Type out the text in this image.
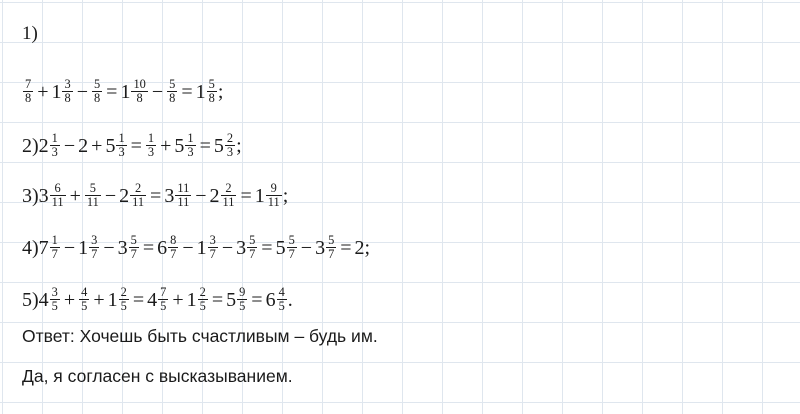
1)
$\frac{7}{8} + 1 \frac{3}{8} - \frac{5}{8} = 1 \frac{10}{8} - \frac{5}{8} = 1 \frac{5}{8}$ ;
$2)2 \frac{1}{3} - 2 + 5 \frac{1}{3} = \frac{1}{3} + 5 \frac{1}{3} = 5 \frac{2}{3}$ ;
$3)3 \frac{6}{11} + \frac{5}{11} - 2 \frac{2}{11} = 3 \frac{11}{11} - 2 \frac{2}{11} = 1 \frac{9}{11}$ ;
$4)7 \frac{1}{7} - 1 \frac{3}{7} - 3 \frac{5}{7} = 6 \frac{8}{7} - 1 \frac{3}{7} - 3 \frac{5}{7} = 5 \frac{5}{7} - 3 \frac{5}{7} = 2$;
$5)4 \frac{3}{5} + \frac{4}{5} + 1 \frac{2}{5} = 4 \frac{7}{5} + 1 \frac{2}{5} = 5 \frac{9}{5} = 6 \frac{4}{5}$ .
Ответ: Хочешь быть счастливым – будь им.
Да, я согласен с высказыванием.
